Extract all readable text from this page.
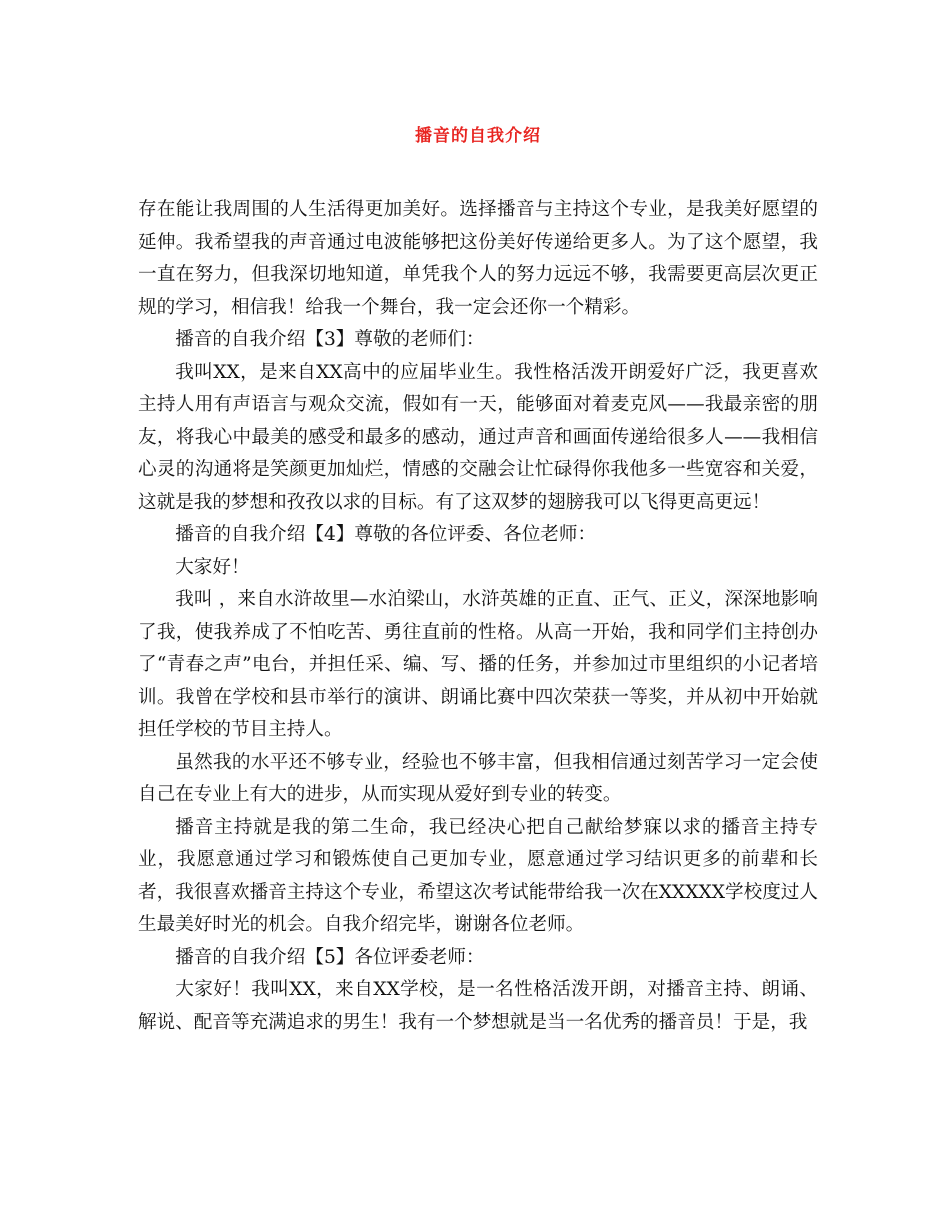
播音的自我介绍

存在能让我周围的人生活得更加美好。选择播音与主持这个专业，是我美好愿望的延伸。我希望我的声音通过电波能够把这份美好传递给更多人。为了这个愿望，我一直在努力，但我深切地知道，单凭我个人的努力远远不够，我需要更高层次更正规的学习，相信我！给我一个舞台，我一定会还你一个精彩。

播音的自我介绍【3】尊敬的老师们：

我叫XX，是来自XX高中的应届毕业生。我性格活泼开朗爱好广泛，我更喜欢主持人用有声语言与观众交流，假如有一天，能够面对着麦克风——我最亲密的朋友，将我心中最美的感受和最多的感动，通过声音和画面传递给很多人——我相信心灵的沟通将是笑颜更加灿烂，情感的交融会让忙碌得你我他多一些宽容和关爱，这就是我的梦想和孜孜以求的目标。有了这双梦的翅膀我可以飞得更高更远！

播音的自我介绍【4】尊敬的各位评委、各位老师：

大家好！

我叫 ，来自水浒故里—水泊梁山，水浒英雄的正直、正气、正义，深深地影响了我，使我养成了不怕吃苦、勇往直前的性格。从高一开始，我和同学们主持创办了“青春之声”电台，并担任采、编、写、播的任务，并参加过市里组织的小记者培训。我曾在学校和县市举行的演讲、朗诵比赛中四次荣获一等奖，并从初中开始就担任学校的节目主持人。

虽然我的水平还不够专业，经验也不够丰富，但我相信通过刻苦学习一定会使自己在专业上有大的进步，从而实现从爱好到专业的转变。

播音主持就是我的第二生命，我已经决心把自己献给梦寐以求的播音主持专业，我愿意通过学习和锻炼使自己更加专业，愿意通过学习结识更多的前辈和长者，我很喜欢播音主持这个专业，希望这次考试能带给我一次在XXXXX学校度过人生最美好时光的机会。自我介绍完毕，谢谢各位老师。

播音的自我介绍【5】各位评委老师：

大家好！我叫XX，来自XX学校，是一名性格活泼开朗，对播音主持、朗诵、解说、配音等充满追求的男生！我有一个梦想就是当一名优秀的播音员！于是，我
